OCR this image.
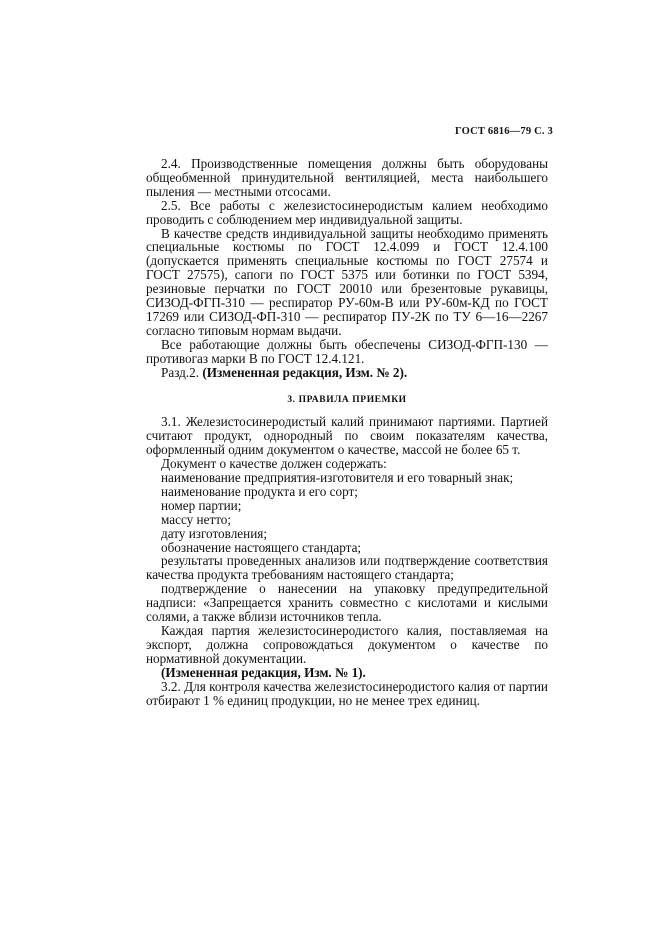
ГОСТ 6816—79 С. 3

2.4. Производственные помещения должны быть оборудованы общеобменной принудительной вентиляцией, места наибольшего пыления — местными отсосами.

2.5. Все работы с железистосинеродистым калием необходимо проводить с соблюдением мер индивидуальной защиты.

В качестве средств индивидуальной защиты необходимо применять специальные костюмы по ГОСТ 12.4.099 и ГОСТ 12.4.100 (допускается применять специальные костюмы по ГОСТ 27574 и ГОСТ 27575), сапоги по ГОСТ 5375 или ботинки по ГОСТ 5394, резиновые перчатки по ГОСТ 20010 или брезентовые рукавицы, СИЗОД-ФГП-310 — респиратор РУ-60м-В или РУ-60м-КД по ГОСТ 17269 или СИЗОД-ФП-310 — респиратор ПУ-2К по ТУ 6—16—2267 согласно типовым нормам выдачи.

Все работающие должны быть обеспечены СИЗОД-ФГП-130 — противогаз марки В по ГОСТ 12.4.121.

Разд.2. (Измененная редакция, Изм. № 2).

3. ПРАВИЛА ПРИЕМКИ

3.1. Железистосинеродистый калий принимают партиями. Партией считают продукт, однородный по своим показателям качества, оформленный одним документом о качестве, массой не более 65 т.

Документ о качестве должен содержать:

наименование предприятия-изготовителя и его товарный знак;

наименование продукта и его сорт;

номер партии;

массу нетто;

дату изготовления;

обозначение настоящего стандарта;

результаты проведенных анализов или подтверждение соответствия качества продукта требованиям настоящего стандарта;

подтверждение о нанесении на упаковку предупредительной надписи: «Запрещается хранить совместно с кислотами и кислыми солями, а также вблизи источников тепла.

Каждая партия железистосинеродистого калия, поставляемая на экспорт, должна сопровождаться документом о качестве по нормативной документации.

(Измененная редакция, Изм. № 1).

3.2. Для контроля качества железистосинеродистого калия от партии отбирают 1 % единиц продукции, но не менее трех единиц.
